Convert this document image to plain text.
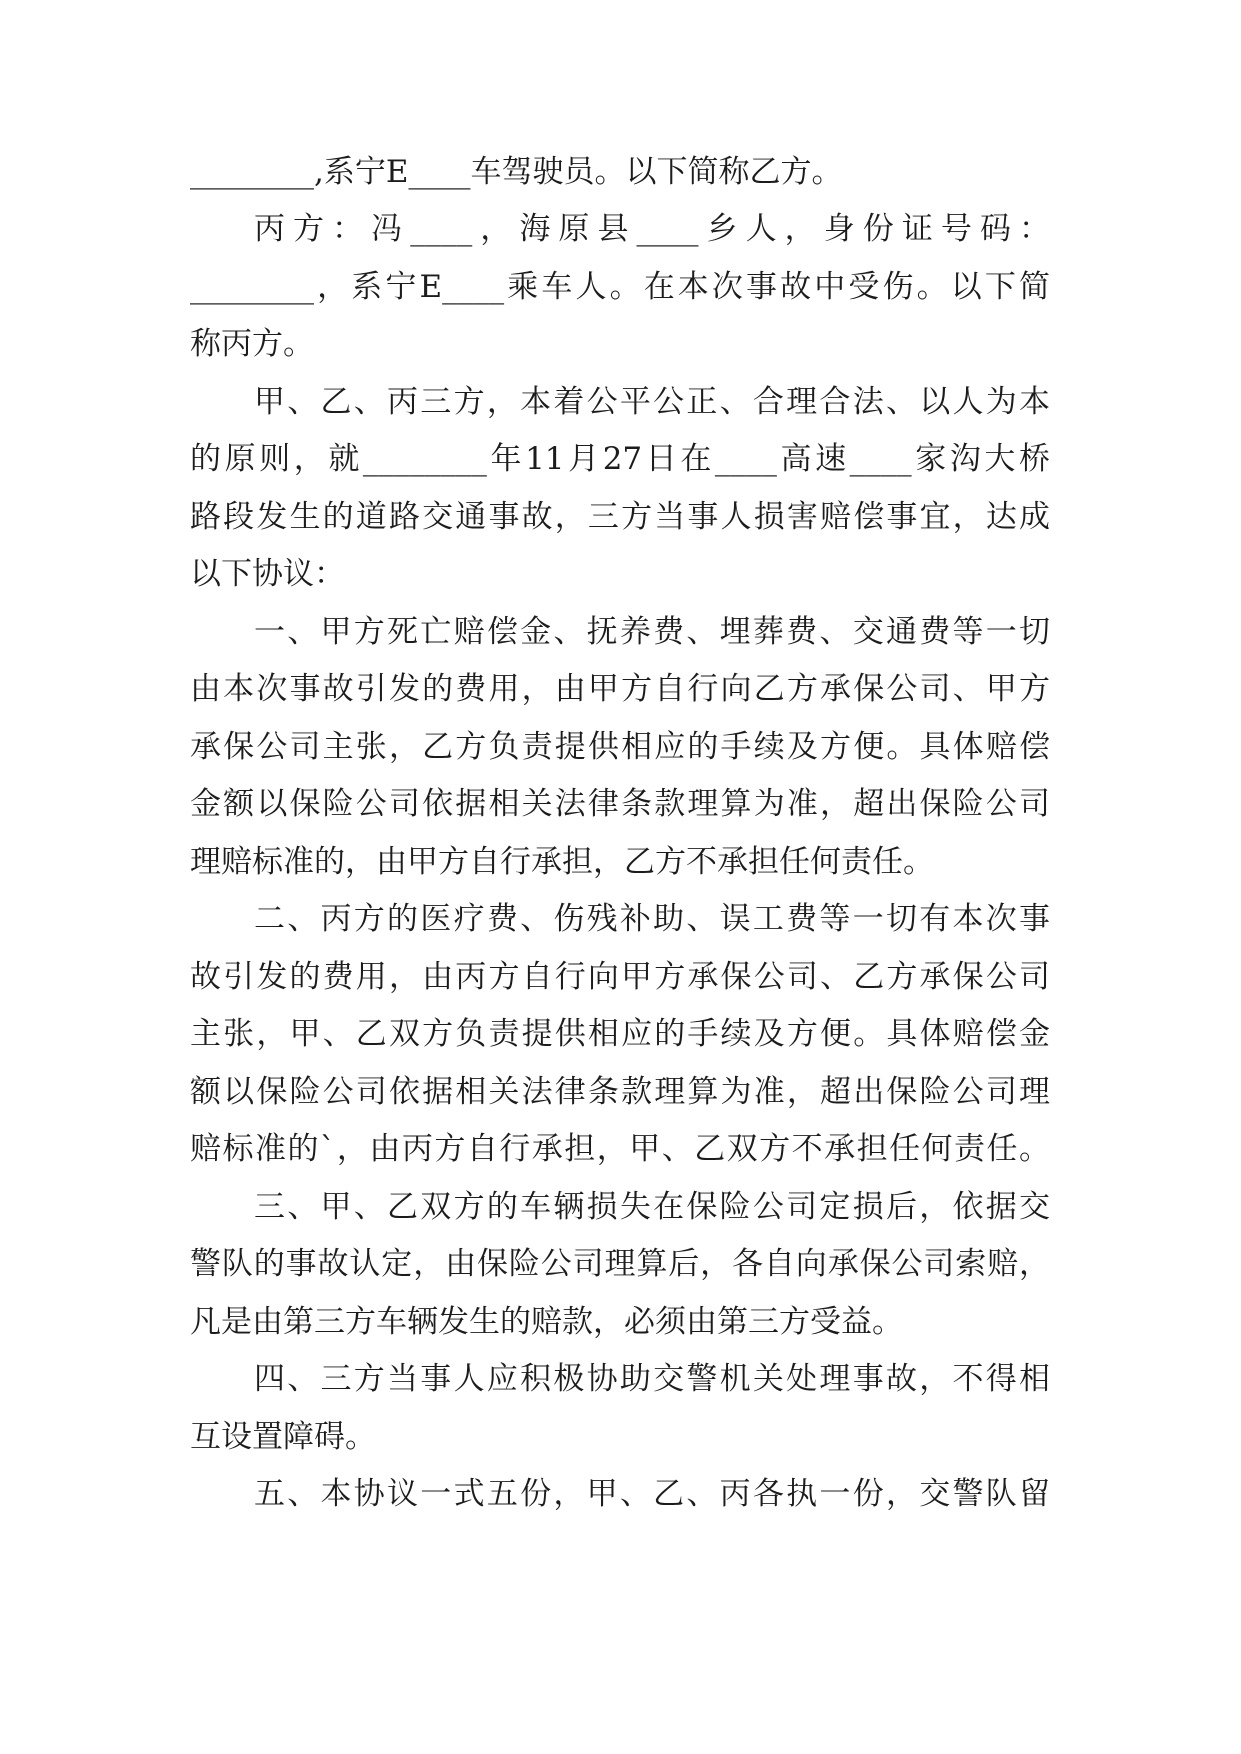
________,系宁E____车驾驶员。以下简称乙方。
丙方：冯____，海原县____乡人，身份证号码：
________，系宁E____乘车人。在本次事故中受伤。以下简
称丙方。
甲、乙、丙三方，本着公平公正、合理合法、以人为本
的原则，就________年11月27日在____高速____家沟大桥
路段发生的道路交通事故，三方当事人损害赔偿事宜，达成
以下协议：
一、甲方死亡赔偿金、抚养费、埋葬费、交通费等一切
由本次事故引发的费用，由甲方自行向乙方承保公司、甲方
承保公司主张，乙方负责提供相应的手续及方便。具体赔偿
金额以保险公司依据相关法律条款理算为准，超出保险公司
理赔标准的，由甲方自行承担，乙方不承担任何责任。
二、丙方的医疗费、伤残补助、误工费等一切有本次事
故引发的费用，由丙方自行向甲方承保公司、乙方承保公司
主张，甲、乙双方负责提供相应的手续及方便。具体赔偿金
额以保险公司依据相关法律条款理算为准，超出保险公司理
赔标准的`，由丙方自行承担，甲、乙双方不承担任何责任。
三、甲、乙双方的车辆损失在保险公司定损后，依据交
警队的事故认定，由保险公司理算后，各自向承保公司索赔，
凡是由第三方车辆发生的赔款，必须由第三方受益。
四、三方当事人应积极协助交警机关处理事故，不得相
互设置障碍。
五、本协议一式五份，甲、乙、丙各执一份，交警队留
